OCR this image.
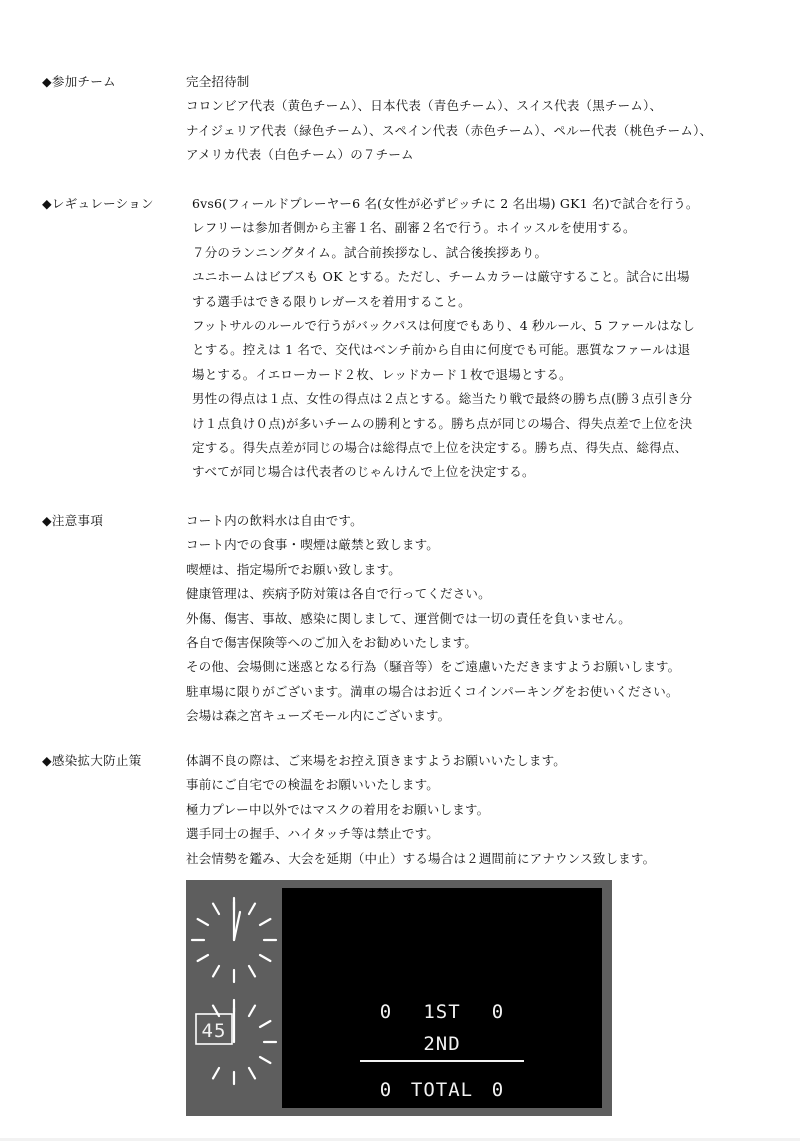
◆参加チーム	完全招待制
コロンビア代表（黄色チーム）、日本代表（青色チーム）、スイス代表（黒チーム）、
ナイジェリア代表（緑色チーム）、スペイン代表（赤色チーム）、ペルー代表（桃色チーム）、
アメリカ代表（白色チーム）の７チーム
◆レギュレーション	6vs6(フィールドプレーヤー6 名(女性が必ずピッチに 2 名出場) GK1 名)で試合を行う。
レフリーは参加者側から主審１名、副審２名で行う。ホイッスルを使用する。
７分のランニングタイム。試合前挨拶なし、試合後挨拶あり。
ユニホームはビブスも OK とする。ただし、チームカラーは厳守すること。試合に出場
する選手はできる限りレガースを着用すること。
フットサルのルールで行うがバックパスは何度でもあり、4 秒ルール、5 ファールはなし
とする。控えは 1 名で、交代はベンチ前から自由に何度でも可能。悪質なファールは退
場とする。イエローカード２枚、レッドカード１枚で退場とする。
男性の得点は１点、女性の得点は２点とする。総当たり戦で最終の勝ち点(勝３点引き分
け１点負け０点)が多いチームの勝利とする。勝ち点が同じの場合、得失点差で上位を決
定する。得失点差が同じの場合は総得点で上位を決定する。勝ち点、得失点、総得点、
すべてが同じ場合は代表者のじゃんけんで上位を決定する。
◆注意事項	コート内の飲料水は自由です。
コート内での食事・喫煙は厳禁と致します。
喫煙は、指定場所でお願い致します。
健康管理は、疾病予防対策は各自で行ってください。
外傷、傷害、事故、感染に関しまして、運営側では一切の責任を負いません。
各自で傷害保険等へのご加入をお勧めいたします。
その他、会場側に迷惑となる行為（騒音等）をご遠慮いただきますようお願いします。
駐車場に限りがございます。満車の場合はお近くコインパーキングをお使いください。
会場は森之宮キューズモール内にございます。
◆感染拡大防止策	体調不良の際は、ご来場をお控え頂きますようお願いいたします。
事前にご自宅での検温をお願いいたします。
極力プレー中以外ではマスクの着用をお願いします。
選手同士の握手、ハイタッチ等は禁止です。
社会情勢を鑑み、大会を延期（中止）する場合は２週間前にアナウンス致します。
45
0 1ST 0
2ND
0 TOTAL 0
